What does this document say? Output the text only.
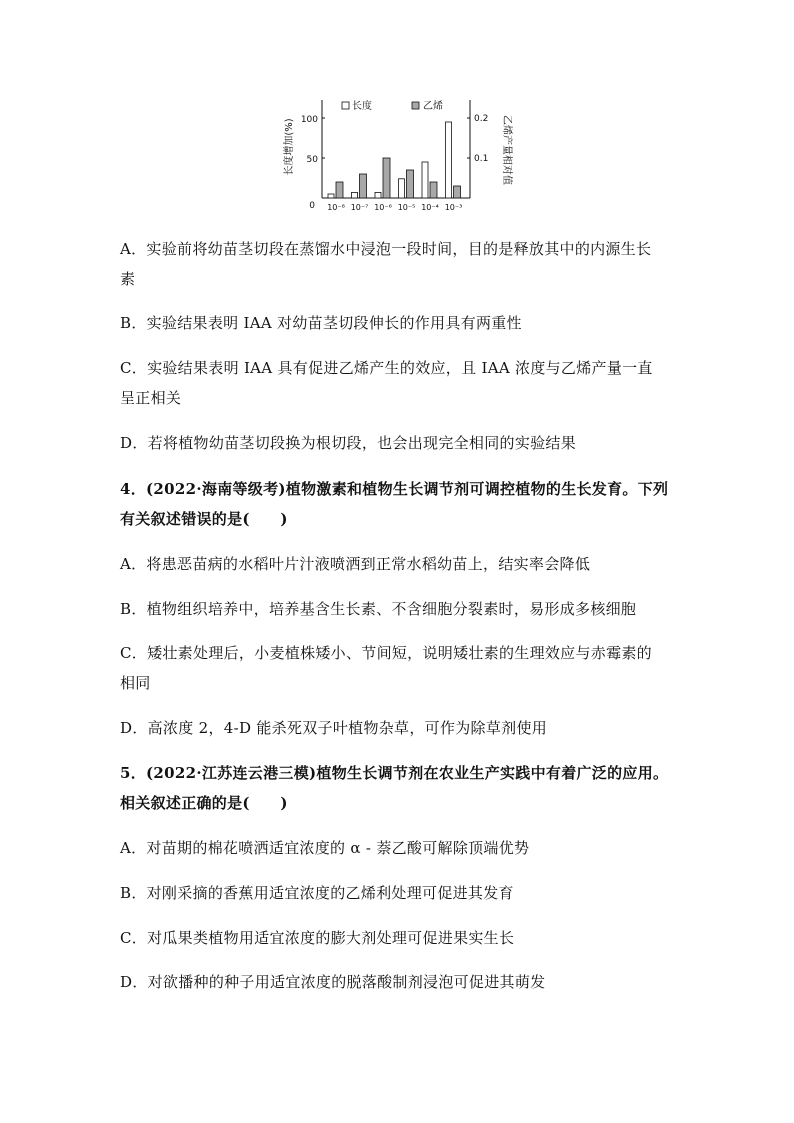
长度增加(%)	乙烯产量相对值
0
50
100
0.1
0.2
长度	乙烯
10⁻⁸ 10⁻⁷ 10⁻⁶ 10⁻⁵ 10⁻⁴ 10⁻³
A．实验前将幼苗茎切段在蒸馏水中浸泡一段时间，目的是释放其中的内源生长
素
B．实验结果表明 IAA 对幼苗茎切段伸长的作用具有两重性
C．实验结果表明 IAA 具有促进乙烯产生的效应，且 IAA 浓度与乙烯产量一直
呈正相关
D．若将植物幼苗茎切段换为根切段，也会出现完全相同的实验结果
4．(2022·海南等级考)植物激素和植物生长调节剂可调控植物的生长发育。下列
有关叙述错误的是(　　)
A．将患恶苗病的水稻叶片汁液喷洒到正常水稻幼苗上，结实率会降低
B．植物组织培养中，培养基含生长素、不含细胞分裂素时，易形成多核细胞
C．矮壮素处理后，小麦植株矮小、节间短，说明矮壮素的生理效应与赤霉素的
相同
D．高浓度 2，4-D 能杀死双子叶植物杂草，可作为除草剂使用
5．(2022·江苏连云港三模)植物生长调节剂在农业生产实践中有着广泛的应用。
相关叙述正确的是(　　)
A．对苗期的棉花喷洒适宜浓度的 α - 萘乙酸可解除顶端优势
B．对刚采摘的香蕉用适宜浓度的乙烯利处理可促进其发育
C．对瓜果类植物用适宜浓度的膨大剂处理可促进果实生长
D．对欲播种的种子用适宜浓度的脱落酸制剂浸泡可促进其萌发
